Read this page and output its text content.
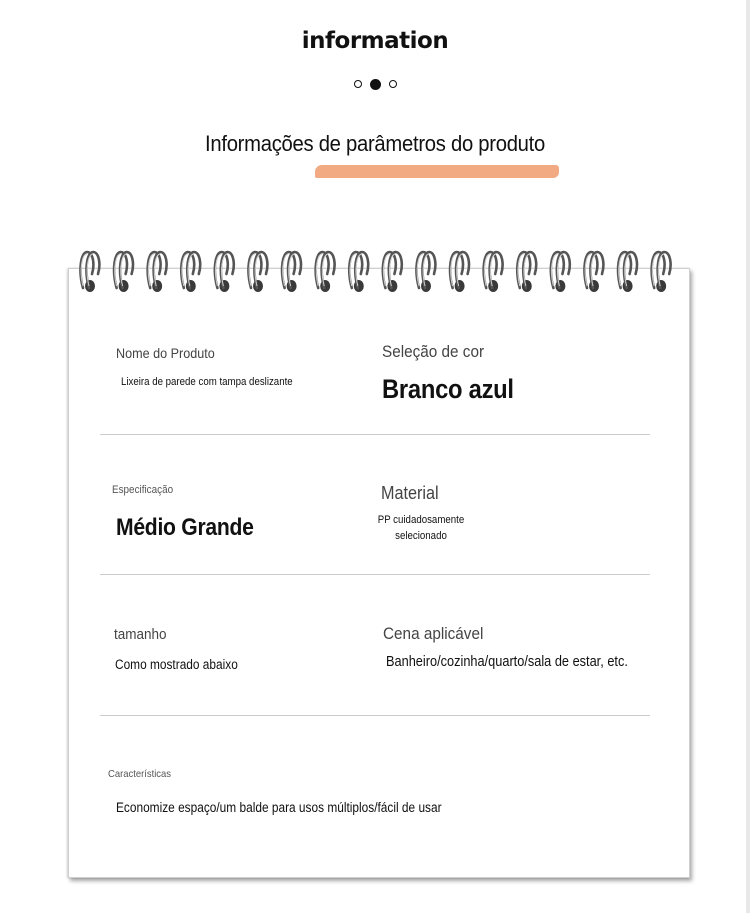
information
Informações de parâmetros do produto
Nome do Produto
Lixeira de parede com tampa deslizante
Seleção de cor
Branco azul
Especificação
Médio Grande
Material
PP cuidadosamente selecionado
tamanho
Como mostrado abaixo
Cena aplicável
Banheiro/cozinha/quarto/sala de estar, etc.
Características
Economize espaço/um balde para usos múltiplos/fácil de usar
